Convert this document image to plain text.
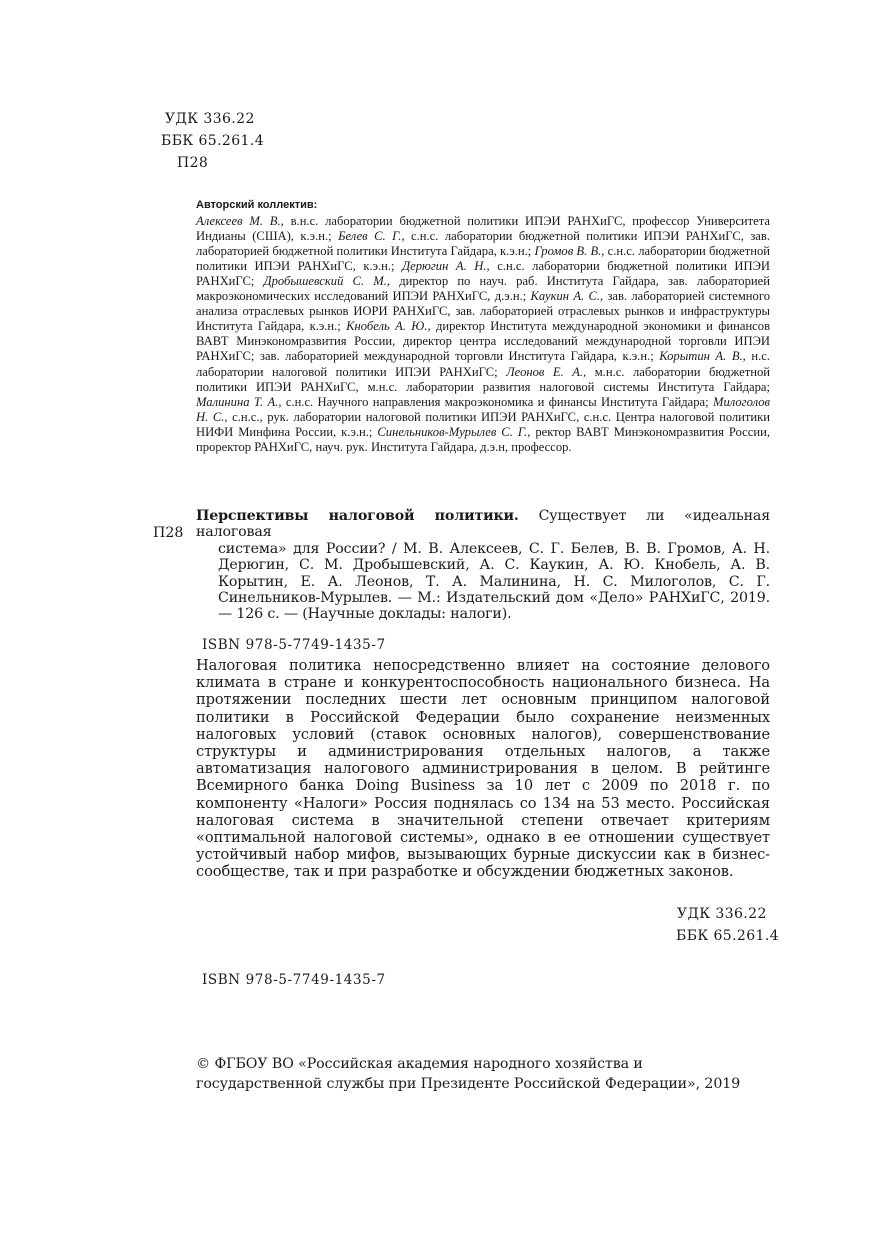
УДК 336.22
ББК 65.261.4
П28
Авторский коллектив:
Алексеев М. В., в.н.с. лаборатории бюджетной политики ИПЭИ РАНХиГС, профессор Университета Индианы (США), к.э.н.; Белев С. Г., с.н.с. лаборатории бюджетной политики ИПЭИ РАНХиГС, зав. лабораторией бюджетной политики Института Гайдара, к.э.н.; Громов В. В., с.н.с. лаборатории бюджетной политики ИПЭИ РАНХиГС, к.э.н.; Дерюгин А. Н., с.н.с. лаборатории бюджетной политики ИПЭИ РАНХиГС; Дробышевский С. М., директор по науч. раб. Института Гайдара, зав. лабораторией макроэкономических исследований ИПЭИ РАНХиГС, д.э.н.; Каукин А. С., зав. лабораторией системного анализа отраслевых рынков ИОРИ РАНХиГС, зав. лабораторией отраслевых рынков и инфраструктуры Института Гайдара, к.э.н.; Кнобель А. Ю., директор Института международной экономики и финансов ВАВТ Минэкономразвития России, директор центра исследований международной торговли ИПЭИ РАНХиГС; зав. лабораторией международной торговли Института Гайдара, к.э.н.; Корытин А. В., н.с. лаборатории налоговой политики ИПЭИ РАНХиГС; Леонов Е. А., м.н.с. лаборатории бюджетной политики ИПЭИ РАНХиГС, м.н.с. лаборатории развития налоговой системы Института Гайдара; Малинина Т. А., с.н.с. Научного направления макроэкономика и финансы Института Гайдара; Милоголов Н. С., с.н.с., рук. лаборатории налоговой политики ИПЭИ РАНХиГС, с.н.с. Центра налоговой политики НИФИ Минфина России, к.э.н.; Синельников-Мурылев С. Г., ректор ВАВТ Минэкономразвития России, проректор РАНХиГС, науч. рук. Института Гайдара, д.э.н, профессор.
П28
Перспективы налоговой политики. Существует ли «идеальная налоговая
система» для России? / М. В. Алексеев, С. Г. Белев, В. В. Громов, А. Н. Дерюгин, С. М. Дробышевский, А. С. Каукин, А. Ю. Кнобель, А. В. Корытин, Е. А. Леонов, Т. А. Малинина, Н. С. Милоголов, С. Г. Синельников-Мурылев. — М.: Издательский дом «Дело» РАНХиГС, 2019. — 126 с. — (Научные доклады: налоги).
ISBN 978-5-7749-1435-7
Налоговая политика непосредственно влияет на состояние делового климата в стране и конкурентоспособность национального бизнеса. На протяжении последних шести лет основным принципом налоговой политики в Российской Федерации было сохранение неизменных налоговых условий (ставок основных налогов), совершенствование структуры и администрирования отдельных налогов, а также автоматизация налогового администрирования в целом. В рейтинге Всемирного банка Doing Business за 10 лет с 2009 по 2018 г. по компоненту «Налоги» Россия поднялась со 134 на 53 место. Российская налоговая система в значительной степени отвечает критериям «оптимальной налоговой системы», однако в ее отношении существует устойчивый набор мифов, вызывающих бурные дискуссии как в бизнес-сообществе, так и при разработке и обсуждении бюджетных законов.
УДК 336.22
ББК 65.261.4
ISBN 978-5-7749-1435-7
© ФГБОУ ВО «Российская академия народного хозяйства и государственной службы при Президенте Российской Федерации», 2019
